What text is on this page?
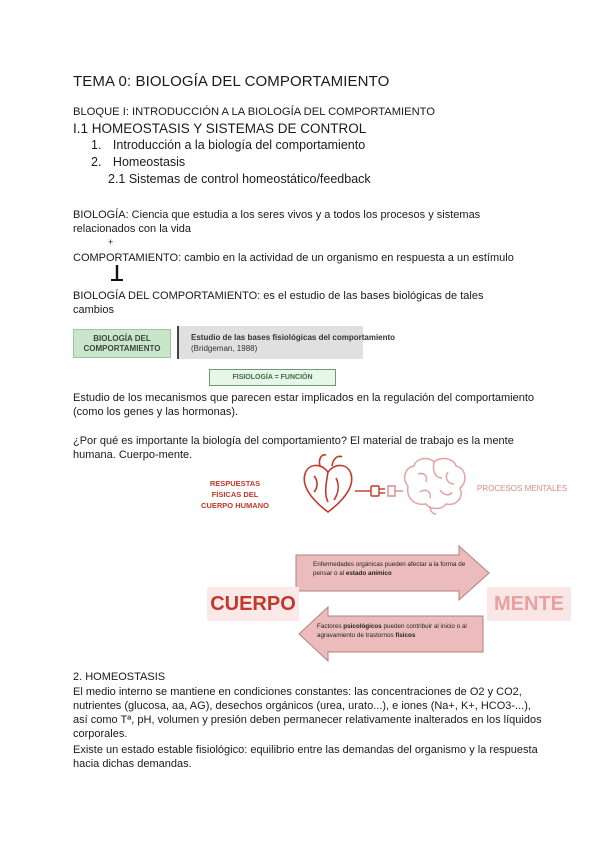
TEMA 0: BIOLOGÍA DEL COMPORTAMIENTO
BLOQUE I: INTRODUCCIÓN A LA BIOLOGÍA DEL COMPORTAMIENTO
I.1 HOMEOSTASIS Y SISTEMAS DE CONTROL
1. Introducción a la biología del comportamiento
2. Homeostasis
2.1 Sistemas de control homeostático/feedback
BIOLOGÍA: Ciencia que estudia a los seres vivos y a todos los procesos y sistemas relacionados con la vida
+
COMPORTAMIENTO: cambio en la actividad de un organismo en respuesta a un estímulo
BIOLOGÍA DEL COMPORTAMIENTO: es el estudio de las bases biológicas de tales cambios
BIOLOGÍA DEL COMPORTAMIENTO
Estudio de las bases fisiológicas del comportamiento
(Bridgeman, 1988)
FISIOLOGÍA = FUNCIÓN
Estudio de los mecanismos que parecen estar implicados en la regulación del comportamiento (como los genes y las hormonas).
¿Por qué es importante la biología del comportamiento? El material de trabajo es la mente humana. Cuerpo-mente.
RESPUESTAS FÍSICAS DEL CUERPO HUMANO
PROCESOS MENTALES
Enfermedades orgánicas pueden afectar a la forma de pensar o al estado anímico
CUERPO	MENTE
Factores psicológicos pueden contribuir al inicio o al agravamiento de trastornos físicos
2. HOMEOSTASIS
El medio interno se mantiene en condiciones constantes: las concentraciones de O2 y CO2, nutrientes (glucosa, aa, AG), desechos orgánicos (urea, urato...), e iones (Na+, K+, HCO3-...), así como Tª, pH, volumen y presión deben permanecer relativamente inalterados en los líquidos corporales.
Existe un estado estable fisiológico: equilibrio entre las demandas del organismo y la respuesta hacia dichas demandas.
